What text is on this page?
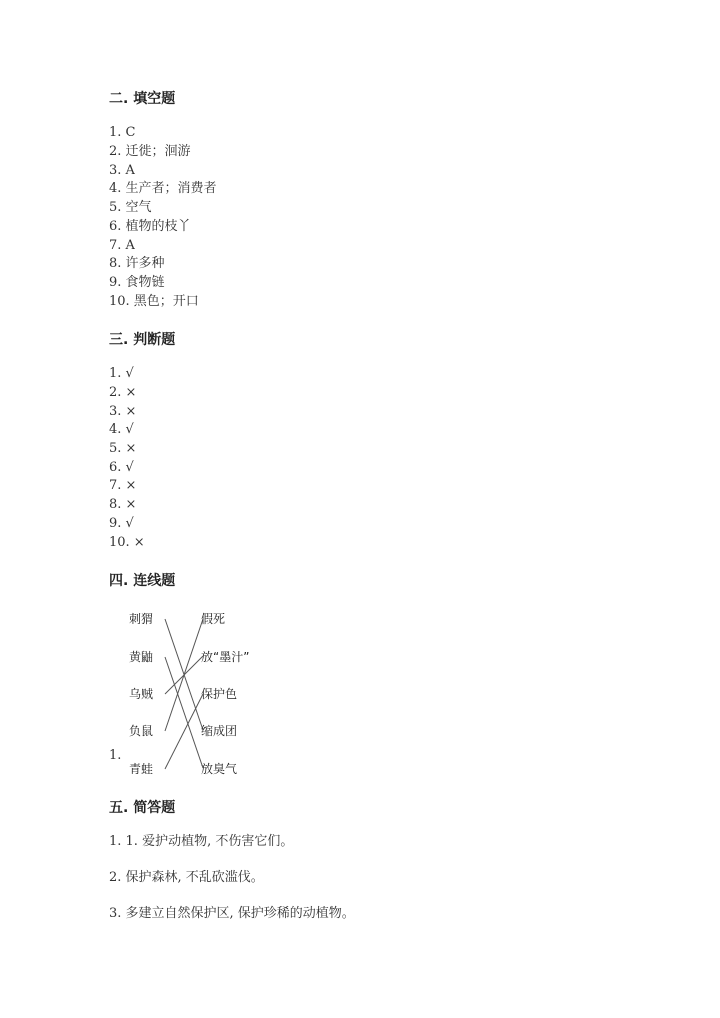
二. 填空题
1. C
2. 迁徙；洄游
3. A
4. 生产者；消费者
5. 空气
6. 植物的枝丫
7. A
8. 许多种
9. 食物链
10. 黑色；开口
三. 判断题
1. √
2. ×
3. ×
4. √
5. ×
6. √
7. ×
8. ×
9. √
10. ×
四. 连线题
1.
刺猬
黄鼬
乌贼
负鼠
青蛙
假死
放“墨汁”
保护色
缩成团
放臭气
五. 简答题
1. 1. 爱护动植物, 不伤害它们。
2. 保护森林, 不乱砍滥伐。
3. 多建立自然保护区, 保护珍稀的动植物。
